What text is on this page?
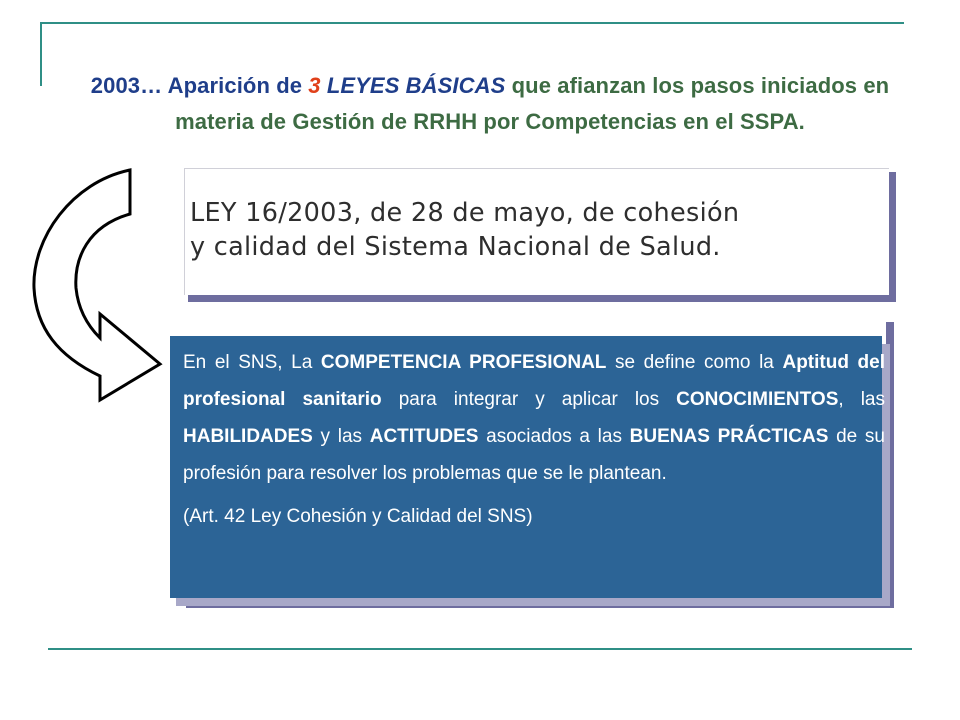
2003… Aparición de 3 LEYES BÁSICAS que afianzan los pasos iniciados en
materia de Gestión de RRHH por Competencias en el SSPA.
LEY 16/2003, de 28 de mayo, de cohesión
y calidad del Sistema Nacional de Salud.

En el SNS, La COMPETENCIA PROFESIONAL se define como la Aptitud del profesional sanitario para integrar y aplicar los CONOCIMIENTOS, las HABILIDADES y las ACTITUDES asociados a las BUENAS PRÁCTICAS de su profesión para resolver los problemas que se le plantean.

(Art. 42 Ley Cohesión y Calidad del SNS)
